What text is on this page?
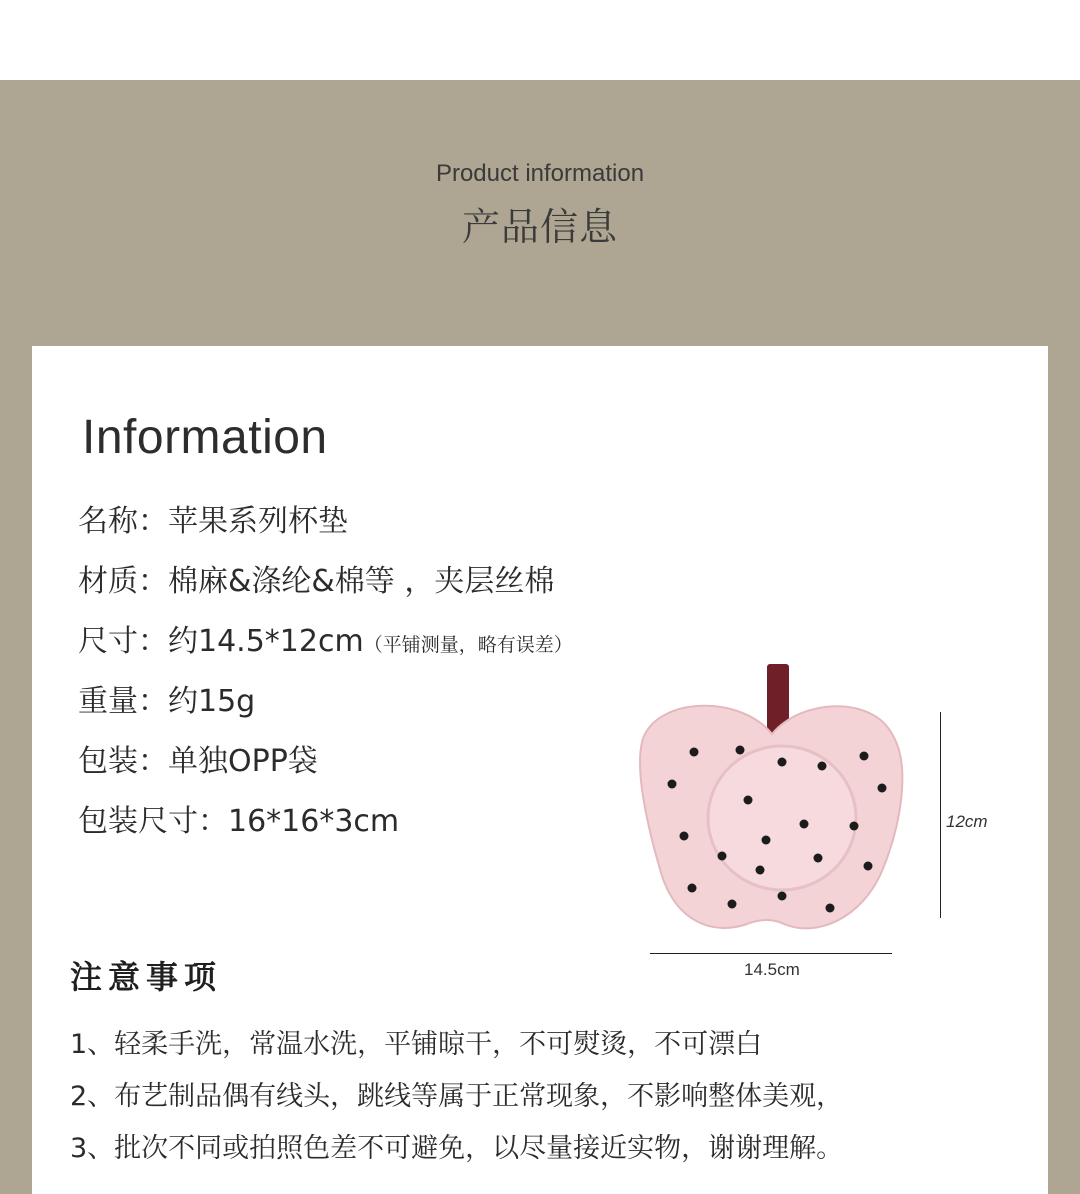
Product information
产品信息
Information
名称：苹果系列杯垫
材质：棉麻&涤纶&棉等 ，夹层丝棉
尺寸：约14.5*12cm（平铺测量，略有误差）
重量：约15g
包装：单独OPP袋
包装尺寸：16*16*3cm	12cm
14.5cm
注意事项
1、轻柔手洗，常温水洗，平铺晾干，不可熨烫，不可漂白
2、布艺制品偶有线头，跳线等属于正常现象，不影响整体美观，
3、批次不同或拍照色差不可避免，以尽量接近实物，谢谢理解。
